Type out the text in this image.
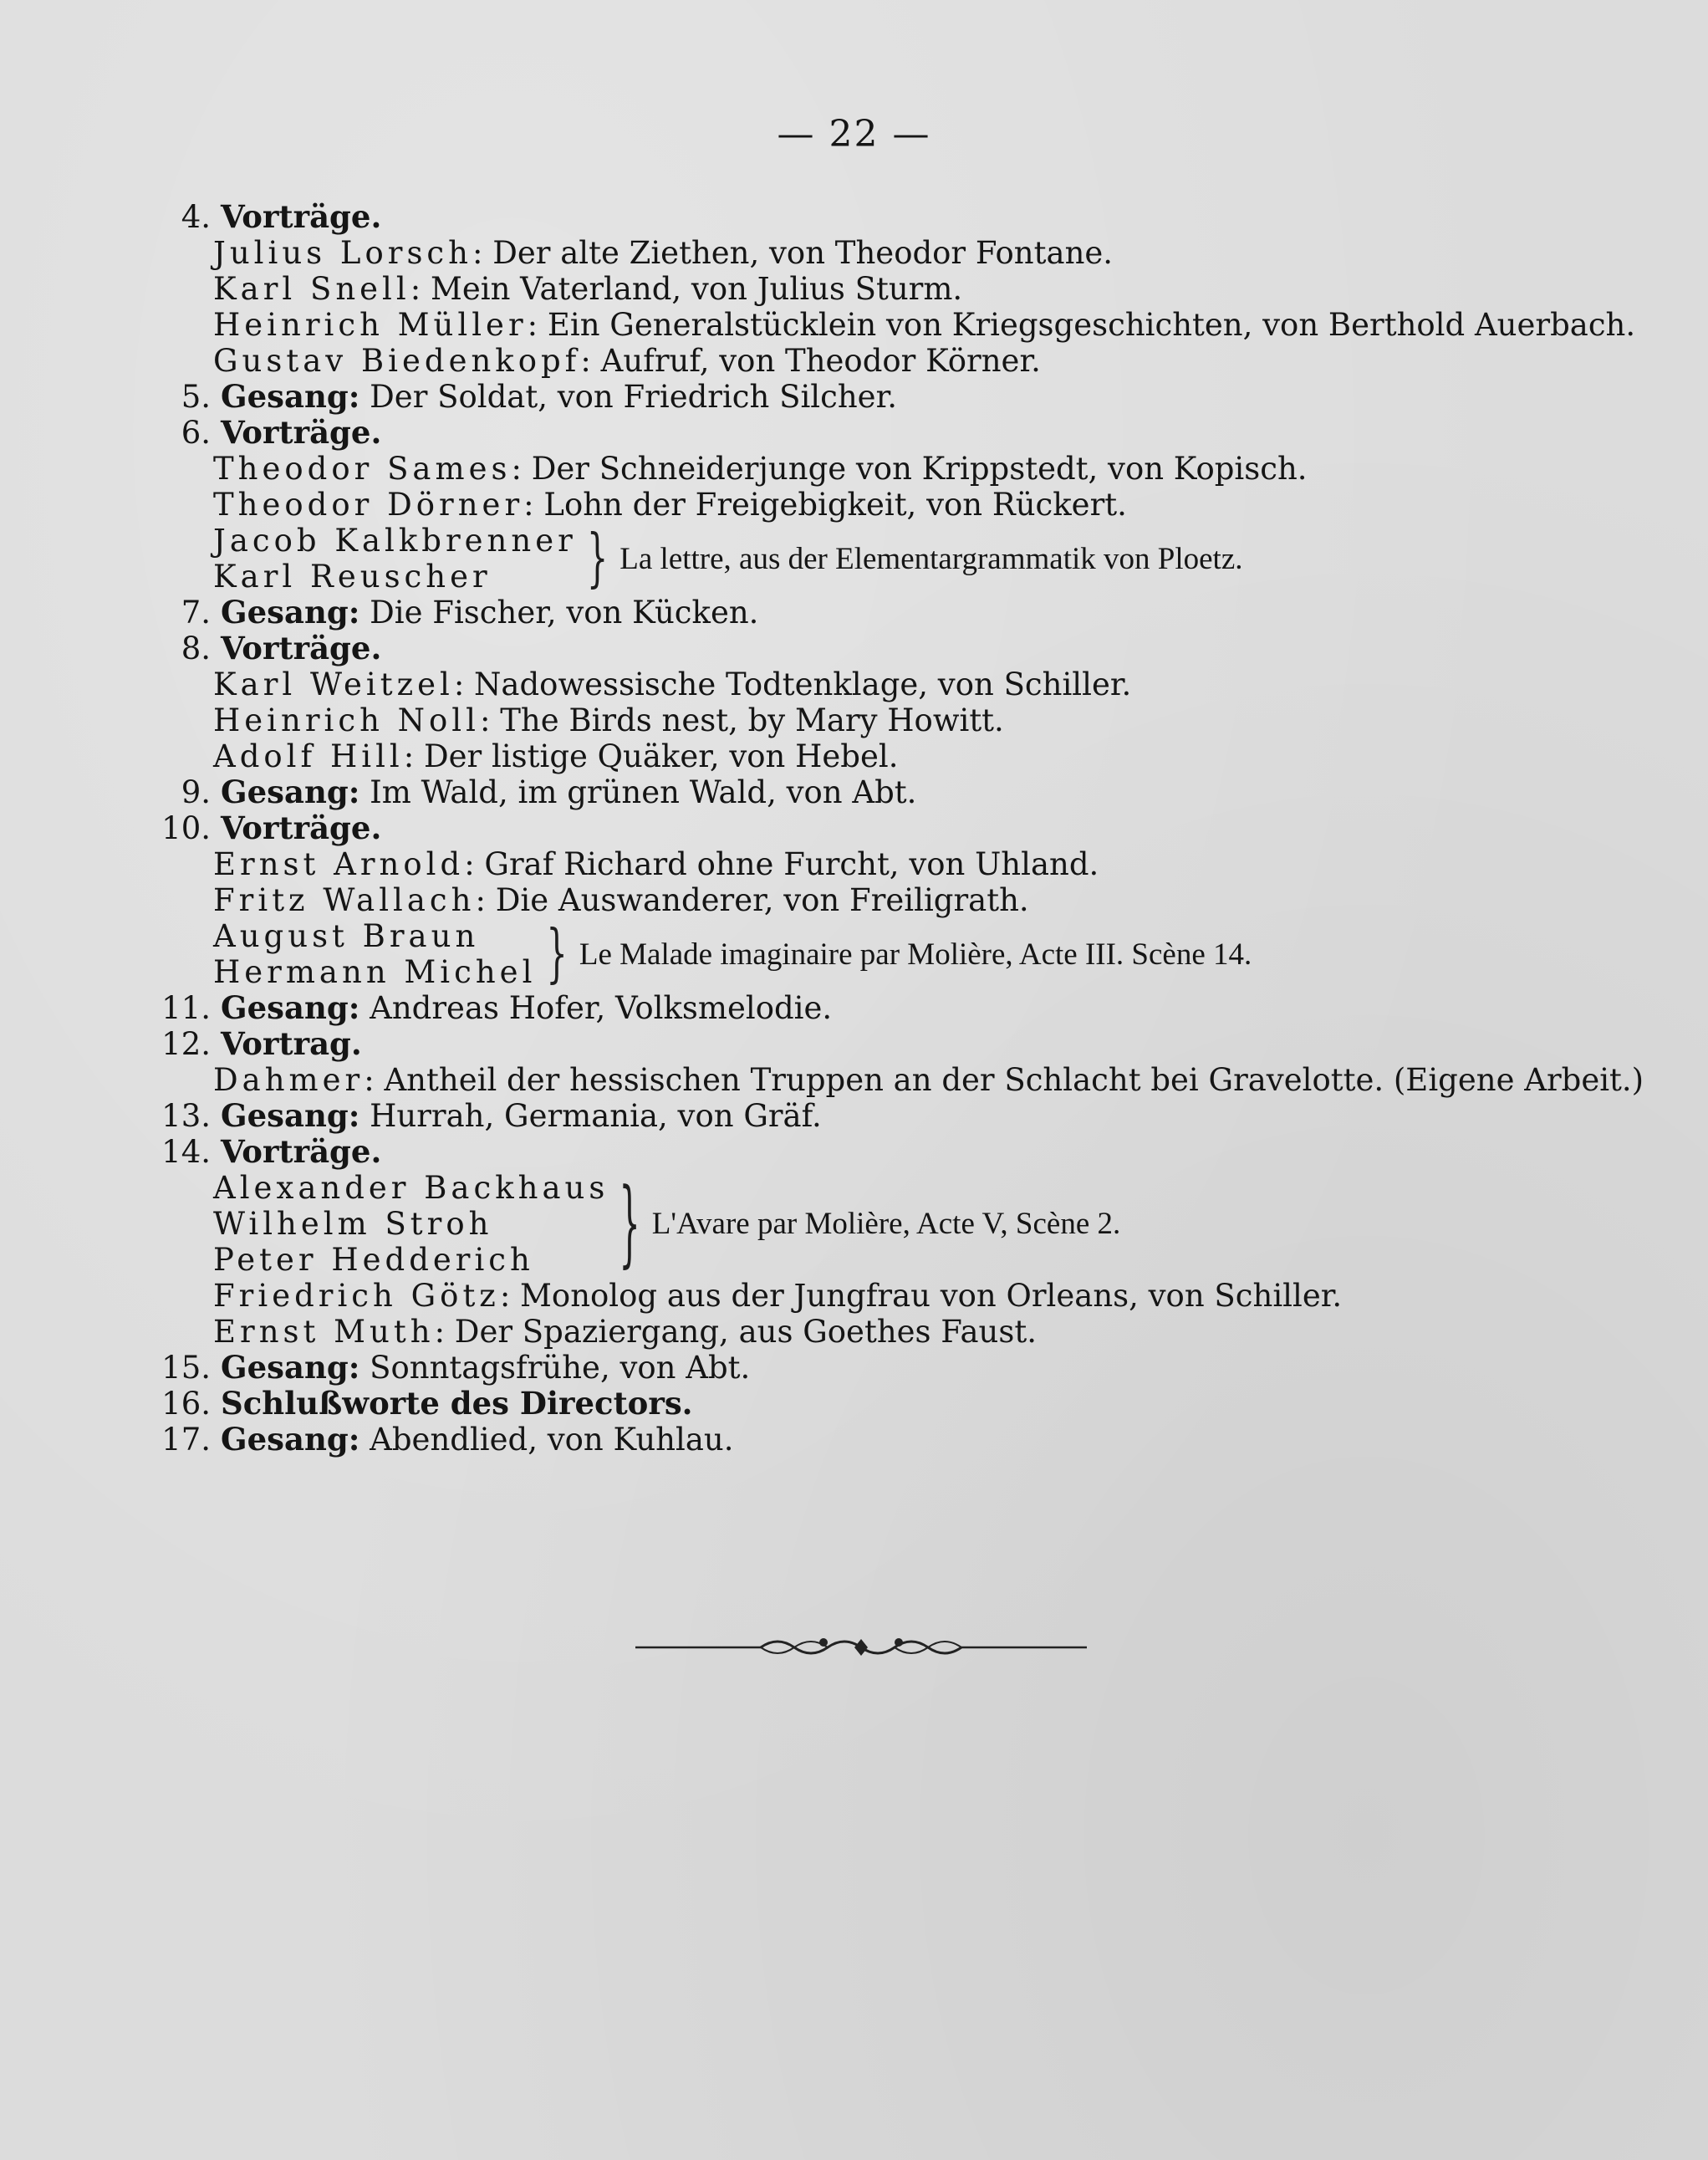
— 22 —
4. Vorträge.
Julius Lorsch : Der alte Ziethen, von Theodor Fontane.
Karl Snell : Mein Vaterland, von Julius Sturm.
Heinrich Müller : Ein Generalstücklein von Kriegsgeschichten, von Berthold Auerbach.
Gustav Biedenkopf : Aufruf, von Theodor Körner.
5. Gesang: Der Soldat, von Friedrich Silcher.
6. Vorträge.
Theodor Sames : Der Schneiderjunge von Krippstedt, von Kopisch.
Theodor Dörner : Lohn der Freigebigkeit, von Rückert.
Jacob Kalkbrenner
Karl Reuscher	} La lettre, aus der Elementargrammatik von Ploetz.
7. Gesang: Die Fischer, von Kücken.
8. Vorträge.
Karl Weitzel : Nadowessische Todtenklage, von Schiller.
Heinrich Noll : The Birds nest, by Mary Howitt.
Adolf Hill : Der listige Quäker, von Hebel.
9. Gesang: Im Wald, im grünen Wald, von Abt.
10. Vorträge.
Ernst Arnold : Graf Richard ohne Furcht, von Uhland.
Fritz Wallach : Die Auswanderer, von Freiligrath.
August Braun
Hermann Michel } Le Malade imaginaire par Molière, Acte III. Scène 14.
11. Gesang: Andreas Hofer, Volksmelodie.
12. Vortrag.
Dahmer : Antheil der hessischen Truppen an der Schlacht bei Gravelotte. (Eigene Arbeit.)
13. Gesang: Hurrah, Germania, von Gräf.
14. Vorträge.
Alexander Backhaus
Wilhelm Stroh
Peter Hedderich	} L'Avare par Molière, Acte V, Scène 2.
Friedrich Götz : Monolog aus der Jungfrau von Orleans, von Schiller.
Ernst Muth : Der Spaziergang, aus Goethes Faust.
15. Gesang: Sonntagsfrühe, von Abt.
16. Schlußworte des Directors.
17. Gesang: Abendlied, von Kuhlau.
